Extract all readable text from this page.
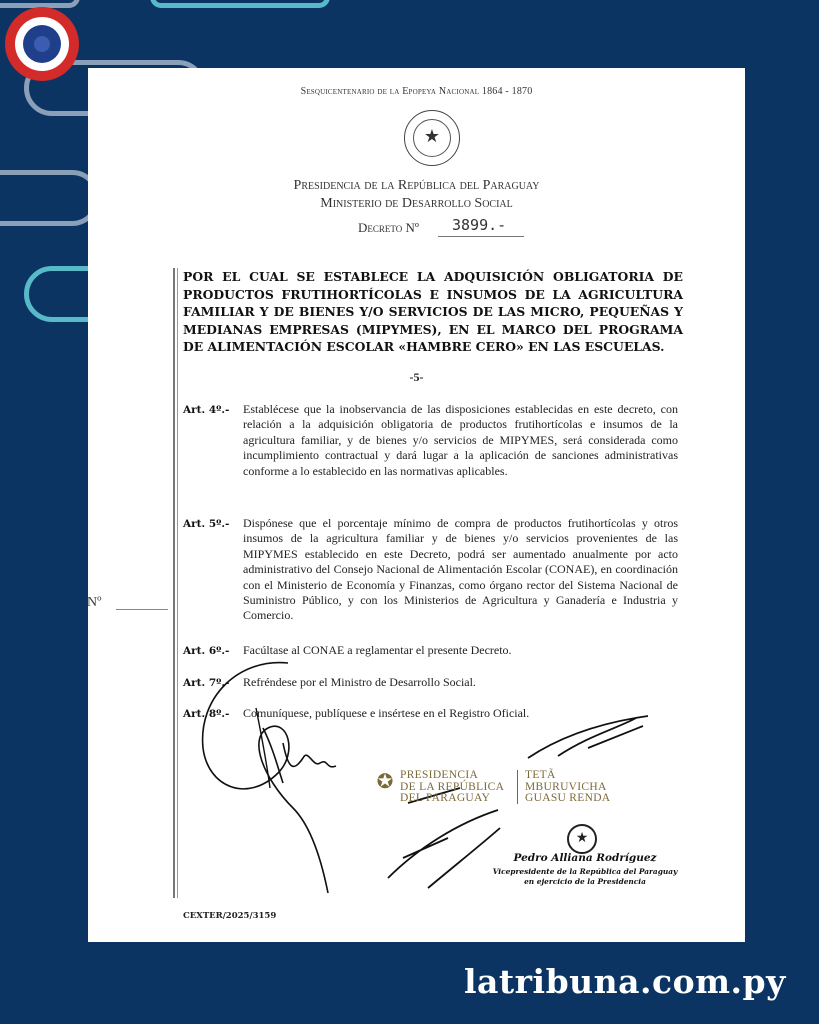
Sesquicentenario de la Epopeya Nacional 1864 - 1870
★
Presidencia de la República del Paraguay
Ministerio de Desarrollo Social
Decreto Nº 3899.-
POR EL CUAL SE ESTABLECE LA ADQUISICIÓN OBLIGATORIA DE PRODUCTOS FRUTIHORTÍCOLAS E INSUMOS DE LA AGRICULTURA FAMILIAR Y DE BIENES Y/O SERVICIOS DE LAS MICRO, PEQUEÑAS Y MEDIANAS EMPRESAS (MIPYMES), EN EL MARCO DEL PROGRAMA DE ALIMENTACIÓN ESCOLAR «HAMBRE CERO» EN LAS ESCUELAS.
-5-
Art. 4º.- Establécese que la inobservancia de las disposiciones establecidas en este decreto, con relación a la adquisición obligatoria de productos frutihortícolas e insumos de la agricultura familiar, y de bienes y/o servicios de MIPYMES, será considerada como incumplimiento contractual y dará lugar a la aplicación de sanciones administrativas conforme a lo establecido en las normativas aplicables.
Art. 5º.- Dispónese que el porcentaje mínimo de compra de productos frutihortícolas y otros insumos de la agricultura familiar y de bienes y/o servicios provenientes de las MIPYMES establecido en este Decreto, podrá ser aumentado anualmente por acto administrativo del Consejo Nacional de Alimentación Escolar (CONAE), en coordinación con el Ministerio de Economía y Finanzas, como órgano rector del Sistema Nacional de Suministro Público, y con los Ministerios de Agricultura y Ganadería e Industria y Comercio.
Art. 6º.- Facúltase al CONAE a reglamentar el presente Decreto.
Art. 7º.- Refréndese por el Ministro de Desarrollo Social.
Art. 8º.- Comuníquese, publíquese e insértese en el Registro Oficial.
Nº
✪ PRESIDENCIA
DE LA REPÚBLICA
DEL PARAGUAY
TETÃ
MBURUVICHA
GUASU RENDA
★
Pedro Alliana Rodríguez
Vicepresidente de la República del Paraguay
en ejercicio de la Presidencia
CEXTER/2025/3159
latribuna.com.py
